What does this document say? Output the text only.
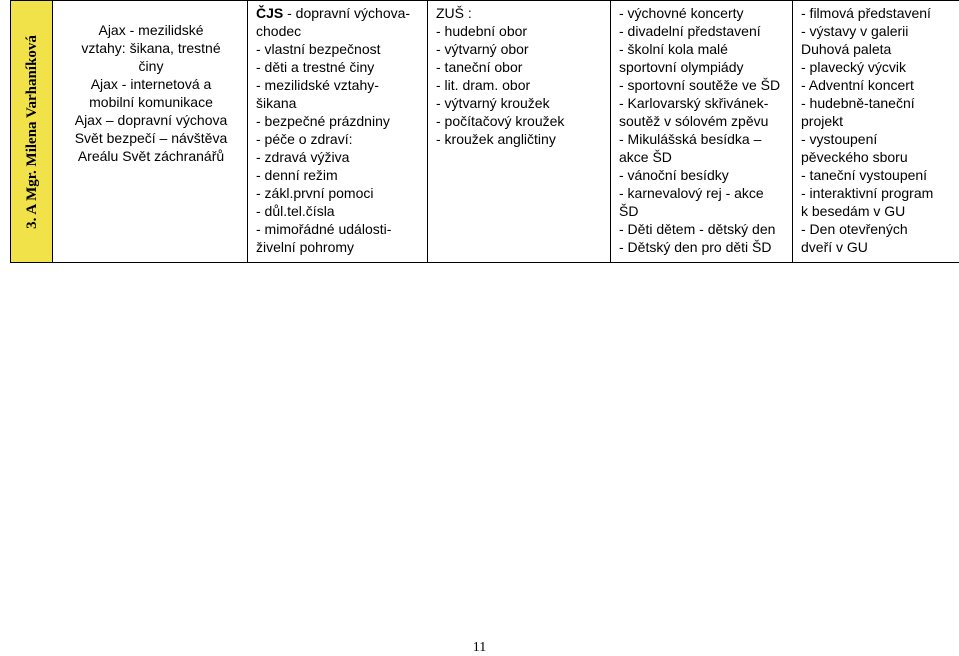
3. A Mgr. Milena Varhaníková

Ajax - mezilidské
vztahy: šikana, trestné
činy
Ajax - internetová a
mobilní komunikace
Ajax – dopravní výchova
Svět bezpečí – návštěva
Areálu Svět záchranářů

ČJS - dopravní výchova-
chodec
- vlastní bezpečnost
- děti a trestné činy
- mezilidské vztahy-
šikana
- bezpečné prázdniny
- péče o zdraví:
- zdravá výživa
- denní režim
- zákl.první pomoci
- důl.tel.čísla
- mimořádné události-
živelní pohromy

ZUŠ :
- hudební obor
- výtvarný obor
- taneční obor
- lit. dram. obor
- výtvarný kroužek
- počítačový kroužek
- kroužek angličtiny

- výchovné koncerty
- divadelní představení
- školní kola malé
sportovní olympiády
- sportovní soutěže ve ŠD
- Karlovarský skřivánek-
soutěž v sólovém zpěvu
- Mikulášská besídka –
akce ŠD
- vánoční besídky
- karnevalový rej - akce
ŠD
- Děti dětem - dětský den
- Dětský den pro děti ŠD

- filmová představení
- výstavy v galerii
Duhová paleta
- plavecký výcvik
- Adventní koncert
- hudebně-taneční
projekt
- vystoupení
pěveckého sboru
- taneční vystoupení
- interaktivní program
k besedám v GU
- Den otevřených
dveří v GU
11
